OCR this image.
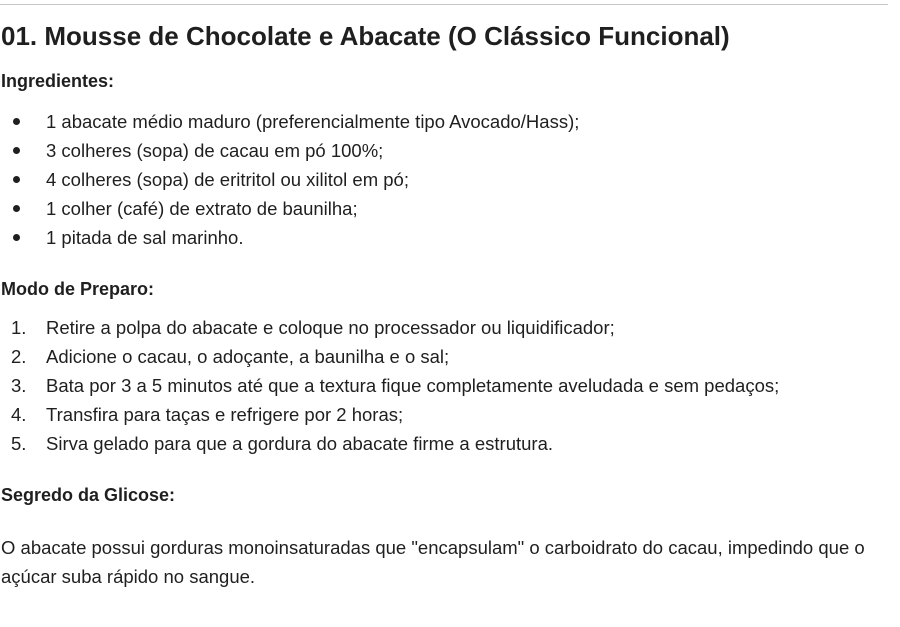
01. Mousse de Chocolate e Abacate (O Clássico Funcional)
Ingredientes:
1 abacate médio maduro (preferencialmente tipo Avocado/Hass);
3 colheres (sopa) de cacau em pó 100%;
4 colheres (sopa) de eritritol ou xilitol em pó;
1 colher (café) de extrato de baunilha;
1 pitada de sal marinho.
Modo de Preparo:
1. Retire a polpa do abacate e coloque no processador ou liquidificador;
2. Adicione o cacau, o adoçante, a baunilha e o sal;
3. Bata por 3 a 5 minutos até que a textura fique completamente aveludada e sem pedaços;
4. Transfira para taças e refrigere por 2 horas;
5. Sirva gelado para que a gordura do abacate firme a estrutura.
Segredo da Glicose:

O abacate possui gorduras monoinsaturadas que "encapsulam" o carboidrato do cacau, impedindo que o açúcar suba rápido no sangue.
